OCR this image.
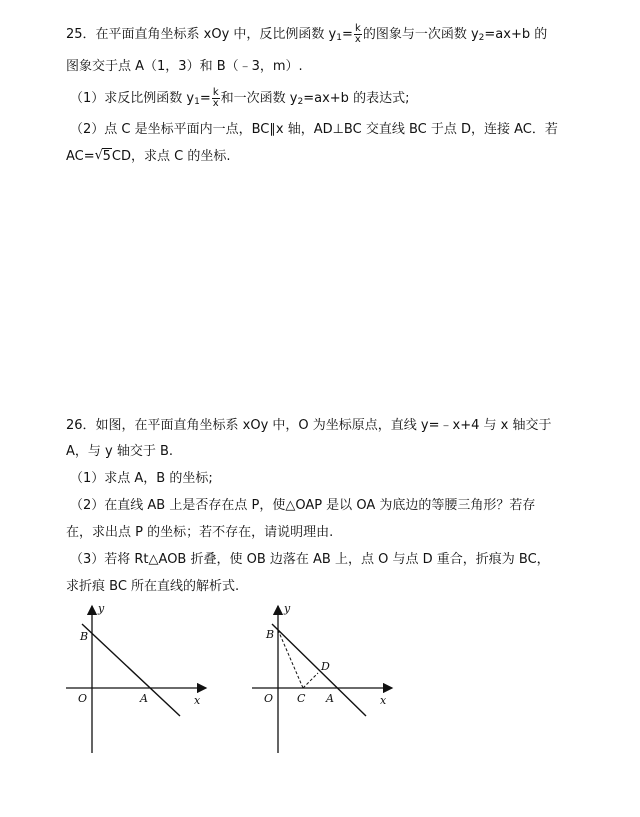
25．在平面直角坐标系 xOy 中，反比例函数 $y_1= \frac{k}{x}$ 的图象与一次函数 $y_2=ax+b$ 的
图象交于点 A（1，3）和 B（﹣3，m）.
（1）求反比例函数 $y_1= \frac{k}{x}$ 和一次函数 $y_2=ax+b$ 的表达式;
（2）点 C 是坐标平面内一点，BC∥x 轴，AD⊥BC 交直线 BC 于点 D，连接 AC．若
AC= √ 5CD，求点 C 的坐标.
26．如图，在平面直角坐标系 xOy 中，O 为坐标原点，直线 y=﹣x+4 与 x 轴交于
A，与 y 轴交于 B.
（1）求点 A，B 的坐标;
（2）在直线 AB 上是否存在点 P，使△OAP 是以 OA 为底边的等腰三角形？若存
在，求出点 P 的坐标；若不存在，请说明理由.
（3）若将 Rt△AOB 折叠，使 OB 边落在 AB 上，点 O 与点 D 重合，折痕为 BC，
求折痕 BC 所在直线的解析式.
y
x
O	A
B
y
x
O C A
B
D
